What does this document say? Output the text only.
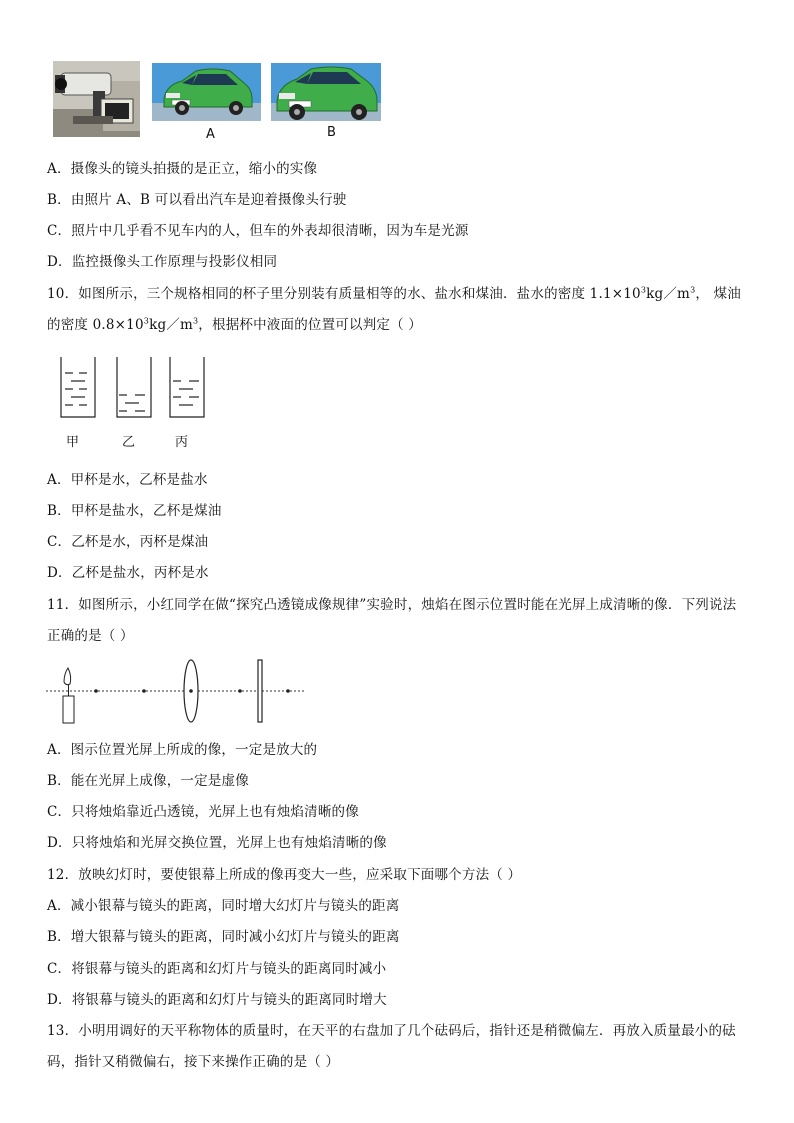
A	B
A．摄像头的镜头拍摄的是正立，缩小的实像
B．由照片 A、B 可以看出汽车是迎着摄像头行驶
C．照片中几乎看不见车内的人，但车的外表却很清晰，因为车是光源
D．监控摄像头工作原理与投影仪相同
10．如图所示，三个规格相同的杯子里分别装有质量相等的水、盐水和煤油．盐水的密度 $1.1\times 10^3kg/m^3$， 煤油
的密度 $0.8\times 10^3kg/m^3$，根据杯中液面的位置可以判定（ ）
甲	乙	丙
A．甲杯是水，乙杯是盐水
B．甲杯是盐水，乙杯是煤油
C．乙杯是水，丙杯是煤油
D．乙杯是盐水，丙杯是水
11．如图所示，小红同学在做“探究凸透镜成像规律”实验时，烛焰在图示位置时能在光屏上成清晰的像．下列说法
正确的是（ ）
A．图示位置光屏上所成的像，一定是放大的
B．能在光屏上成像，一定是虚像
C．只将烛焰靠近凸透镜，光屏上也有烛焰清晰的像
D．只将烛焰和光屏交换位置，光屏上也有烛焰清晰的像
12．放映幻灯时，要使银幕上所成的像再变大一些，应采取下面哪个方法（ ）
A．减小银幕与镜头的距离，同时增大幻灯片与镜头的距离
B．增大银幕与镜头的距离，同时减小幻灯片与镜头的距离
C．将银幕与镜头的距离和幻灯片与镜头的距离同时减小
D．将银幕与镜头的距离和幻灯片与镜头的距离同时增大
13．小明用调好的天平称物体的质量时，在天平的右盘加了几个砝码后，指针还是稍微偏左．再放入质量最小的砝
码，指针又稍微偏右，接下来操作正确的是（ ）
